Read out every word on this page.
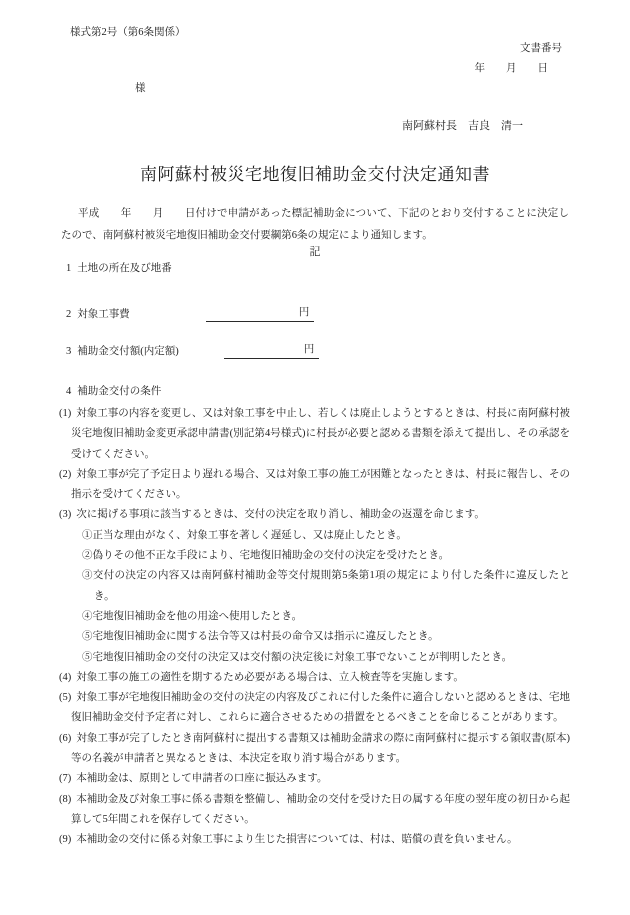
様式第2号（第6条関係）
文書番号
年　　月　　日
様
南阿蘇村長　吉良　清一
南阿蘇村被災宅地復旧補助金交付決定通知書

平成　　年　　月　　日付けで申請があった標記補助金について、下記のとおり交付することに決定したので、南阿蘇村被災宅地復旧補助金交付要綱第6条の規定により通知します。

記
1 土地の所在及び地番
2 対象工事費	円
3 補助金交付額(内定額)	円
4 補助金交付の条件

(1) 対象工事の内容を変更し、又は対象工事を中止し、若しくは廃止しようとするときは、村長に南阿蘇村被災宅地復旧補助金変更承認申請書(別記第4号様式)に村長が必要と認める書類を添えて提出し、その承認を受けてください。

(2) 対象工事が完了予定日より遅れる場合、又は対象工事の施工が困難となったときは、村長に報告し、その指示を受けてください。

(3) 次に掲げる事項に該当するときは、交付の決定を取り消し、補助金の返還を命じます。

①正当な理由がなく、対象工事を著しく遅延し、又は廃止したとき。

②偽りその他不正な手段により、宅地復旧補助金の交付の決定を受けたとき。

③交付の決定の内容又は南阿蘇村補助金等交付規則第5条第1項の規定により付した条件に違反したとき。

④宅地復旧補助金を他の用途へ使用したとき。

⑤宅地復旧補助金に関する法令等又は村長の命令又は指示に違反したとき。

⑤宅地復旧補助金の交付の決定又は交付額の決定後に対象工事でないことが判明したとき。

(4) 対象工事の施工の適性を期するため必要がある場合は、立入検査等を実施します。

(5) 対象工事が宅地復旧補助金の交付の決定の内容及びこれに付した条件に適合しないと認めるときは、宅地復旧補助金交付予定者に対し、これらに適合させるための措置をとるべきことを命じることがあります。

(6) 対象工事が完了したとき南阿蘇村に提出する書類又は補助金請求の際に南阿蘇村に提示する領収書(原本)等の名義が申請者と異なるときは、本決定を取り消す場合があります。

(7) 本補助金は、原則として申請者の口座に振込みます。

(8) 本補助金及び対象工事に係る書類を整備し、補助金の交付を受けた日の属する年度の翌年度の初日から起算して5年間これを保存してください。

(9) 本補助金の交付に係る対象工事により生じた損害については、村は、賠償の責を負いません。
